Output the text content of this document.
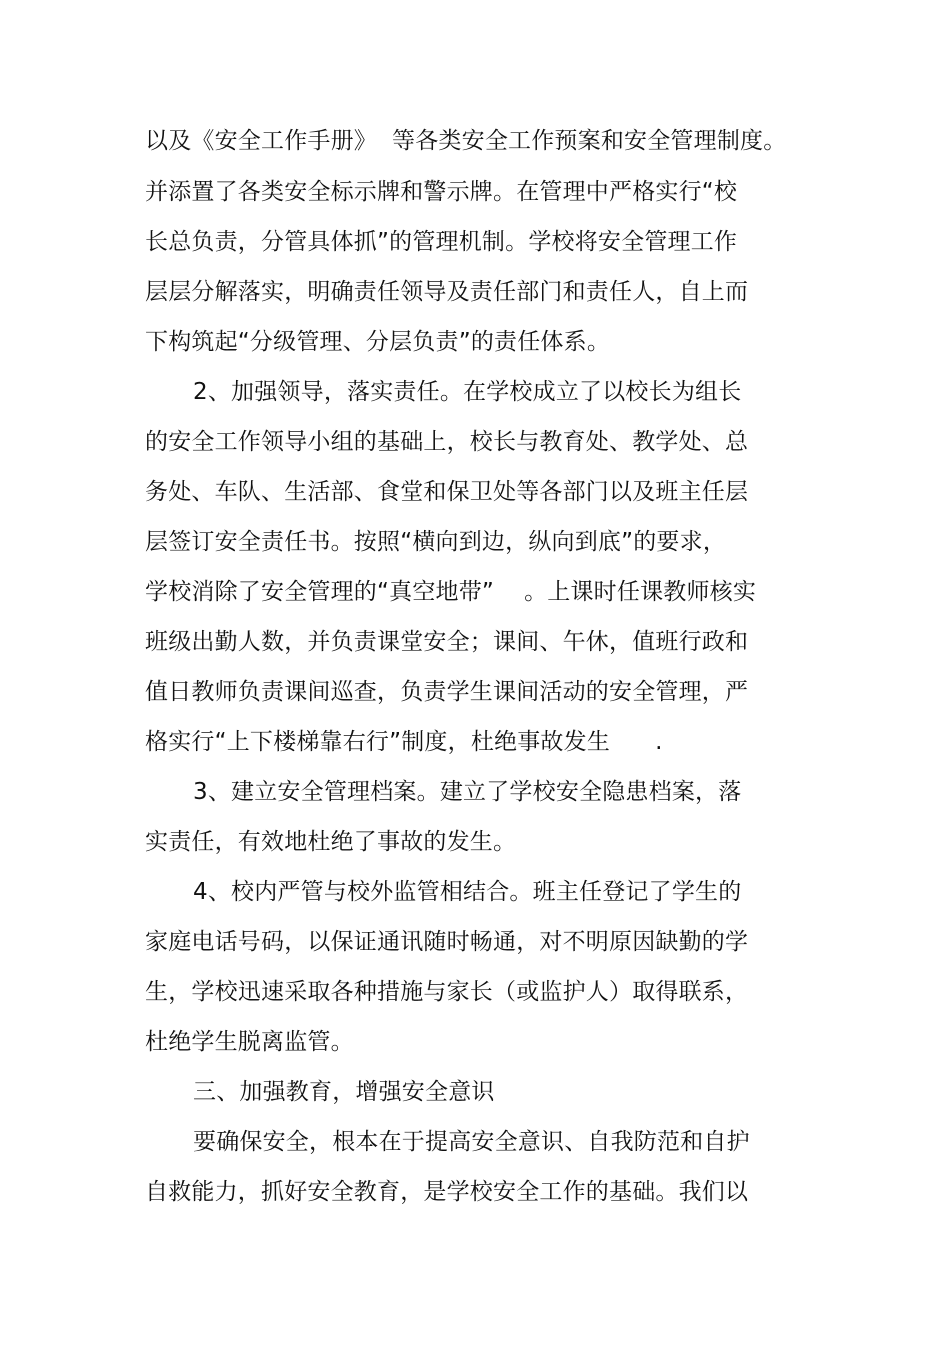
以及《安全工作手册》  等各类安全工作预案和安全管理制度。
并添置了各类安全标示牌和警示牌。在管理中严格实行“校
长总负责，分管具体抓”的管理机制。学校将安全管理工作
层层分解落实，明确责任领导及责任部门和责任人，自上而
下构筑起“分级管理、分层负责”的责任体系。
2、加强领导，落实责任。在学校成立了以校长为组长
的安全工作领导小组的基础上，校长与教育处、教学处、总
务处、车队、生活部、食堂和保卫处等各部门以及班主任层
层签订安全责任书。按照“横向到边，纵向到底”的要求，
学校消除了安全管理的“真空地带”    。上课时任课教师核实
班级出勤人数，并负责课堂安全；课间、午休，值班行政和
值日教师负责课间巡查，负责学生课间活动的安全管理，严
格实行“上下楼梯靠右行”制度，杜绝事故发生      .
3、建立安全管理档案。建立了学校安全隐患档案，落
实责任，有效地杜绝了事故的发生。
4、校内严管与校外监管相结合。班主任登记了学生的
家庭电话号码，以保证通讯随时畅通，对不明原因缺勤的学
生，学校迅速采取各种措施与家长（或监护人）取得联系，
杜绝学生脱离监管。
三、加强教育，增强安全意识
要确保安全，根本在于提高安全意识、自我防范和自护
自救能力，抓好安全教育，是学校安全工作的基础。我们以
